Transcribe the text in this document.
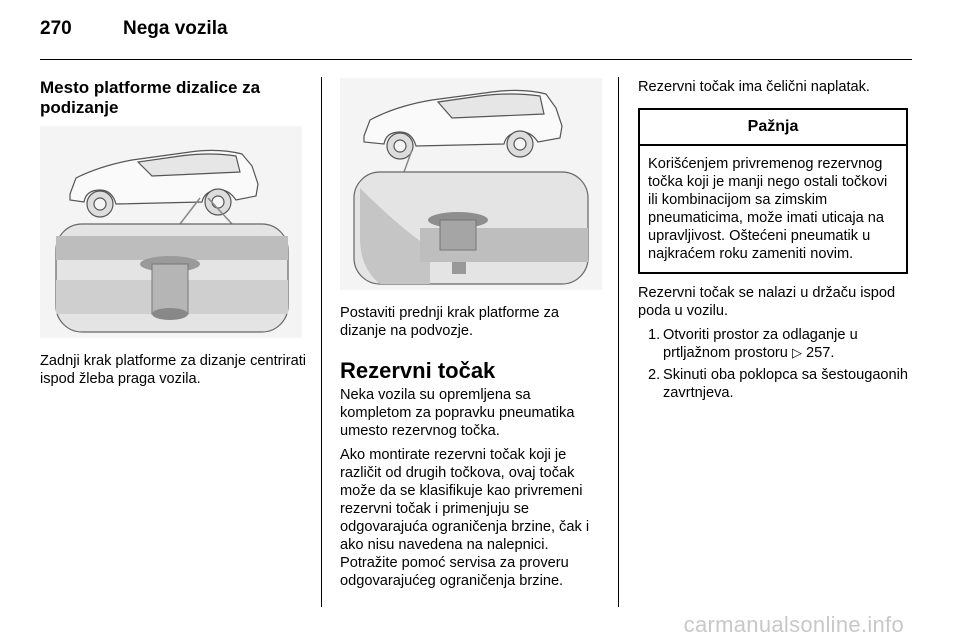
270	Nega vozila
Mesto platforme dizalice za podizanje

Zadnji krak platforme za dizanje centrirati ispod žleba praga vozila.

Postaviti prednji krak platforme za dizanje na podvozje.

Rezervni točak

Neka vozila su opremljena sa kompletom za popravku pneumatika umesto rezervnog točka.

Ako montirate rezervni točak koji je različit od drugih točkova, ovaj točak može da se klasifikuje kao privremeni rezervni točak i primenjuju se odgovarajuća ograničenja brzine, čak i ako nisu navedena na nalepnici. Potražite pomoć servisa za proveru odgovarajućeg ograničenja brzine.

Rezervni točak ima čelični naplatak.

Pažnja
Korišćenjem privremenog rezervnog točka koji je manji nego ostali točkovi ili kombinacijom sa zimskim pneumaticima, može imati uticaja na upravljivost. Oštećeni pneumatik u najkraćem roku zameniti novim.

Rezervni točak se nalazi u držaču ispod poda u vozilu.

1. Otvoriti prostor za odlaganje u prtljažnom prostoru ▷ 257.
2. Skinuti oba poklopca sa šestougaonih zavrtnjeva.
carmanualsonline.info
